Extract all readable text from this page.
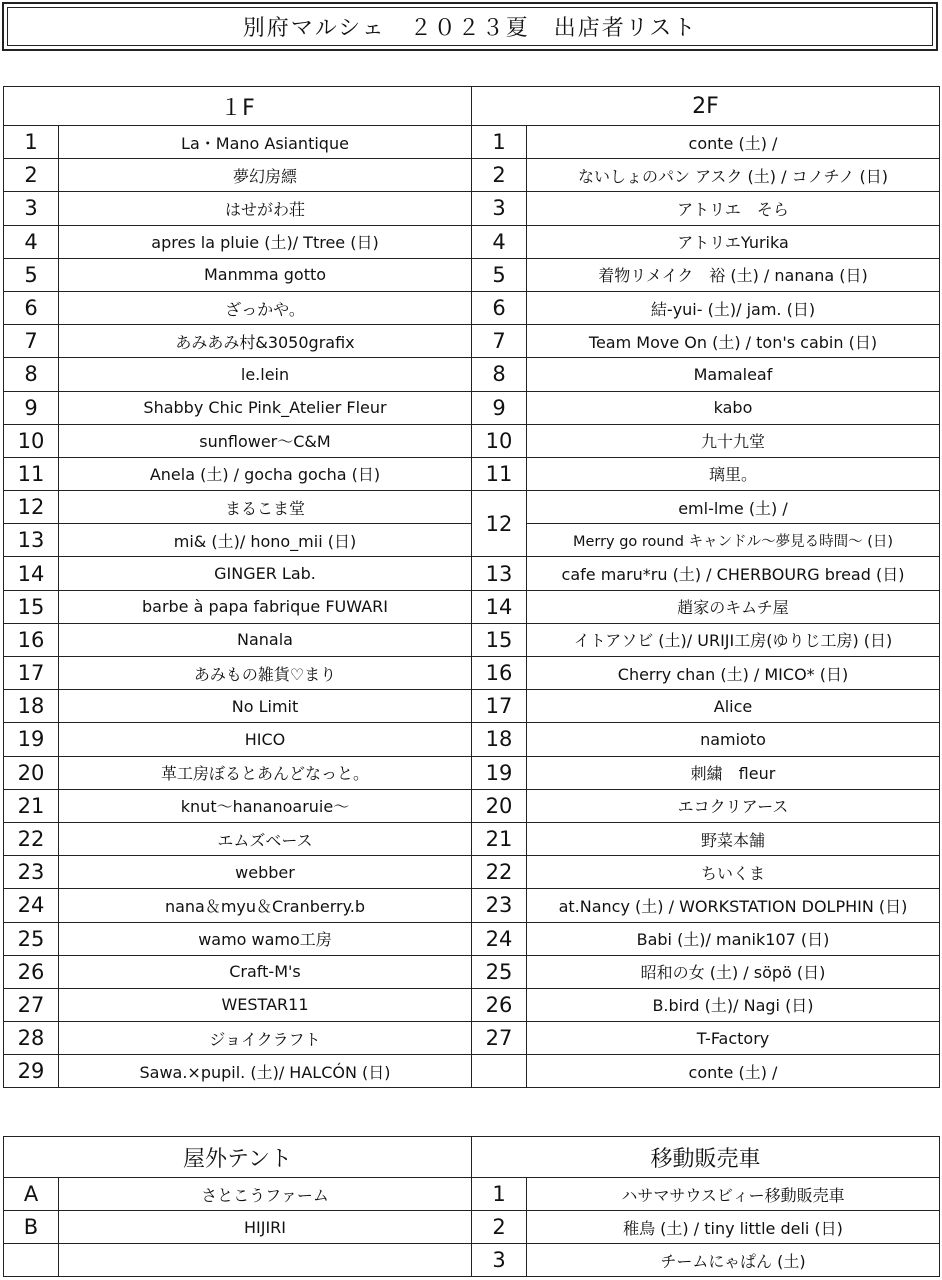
別府マルシェ　２０２３夏　出店者リスト
１F		2F	
1	La・Mano Asiantique	1	conte (土) /
2	夢幻房縹	2	ないしょのパン アスク (土) / コノチノ (日)
3	はせがわ荘	3	アトリエ　そら
4	apres la pluie (土)/ Ttree (日)	4	アトリエYurika
5	Manmma gotto	5	着物リメイク　裕 (土) / nanana (日)
6	ざっかや。	6	結-yui- (土)/ jam. (日)
7	あみあみ村&3050grafix	7	Team Move On (土) / ton's cabin (日)
8	le.lein	8	Mamaleaf
9	Shabby Chic Pink_Atelier Fleur	9	kabo
10	sunflower～C&M	10	九十九堂
11	Anela (土) / gocha gocha (日)	11	璃里。
12	まるこま堂	12	eml-lme (土) /
13	mi& (土)/ hono_mii (日)		Merry go round キャンドル～夢見る時間～ (日)
14	GINGER Lab.	13	cafe maru*ru (土) / CHERBOURG bread (日)
15	barbe à papa fabrique FUWARI	14	趙家のキムチ屋
16	Nanala	15	イトアソビ (土)/ URIJI工房(ゆりじ工房) (日)
17	あみもの雑貨♡まり	16	Cherry chan (土) / MICO* (日)
18	No Limit	17	Alice
19	HICO	18	namioto
20	革工房ぼるとあんどなっと。	19	刺繍　fleur
21	knut～hananoaruie～	20	エコクリアース
22	エムズベース	21	野菜本舗
23	webber	22	ちいくま
24	nana＆myu＆Cranberry.b	23	at.Nancy (土) / WORKSTATION DOLPHIN (日)
25	wamo wamo工房	24	Babi (土)/ manik107 (日)
26	Craft-M's	25	昭和の女 (土) / söpö (日)
27	WESTAR11	26	B.bird (土)/ Nagi (日)
28	ジョイクラフト	27	T-Factory
29	Sawa.×pupil. (土)/ HALCÓN (日)		conte (土) /
屋外テント		移動販売車	
A	さとこうファーム	1	ハサマサウスビィー移動販売車
B	HIJIRI	2	稚鳥 (土) / tiny little deli (日)
		3	チームにゃぱん (土)
